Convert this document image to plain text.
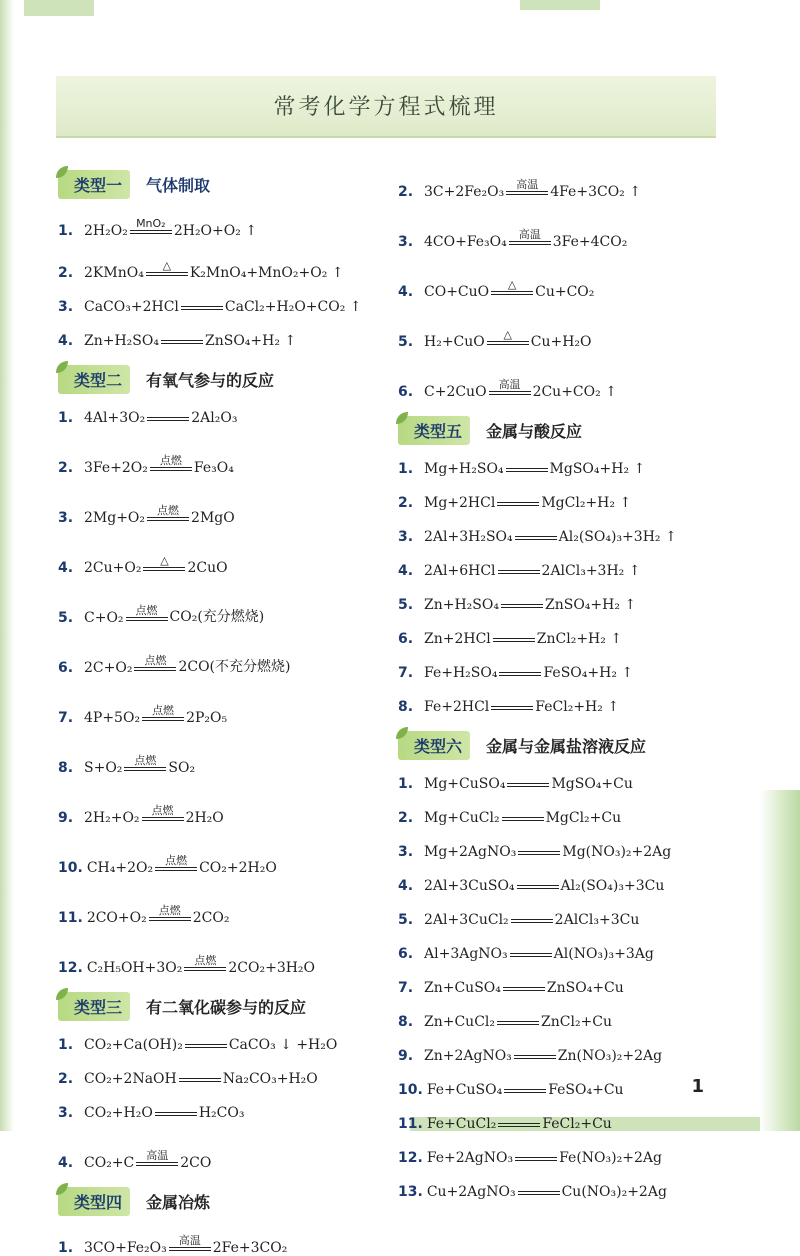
常考化学方程式梳理
类型一	气体制取
1. 2H₂O₂ MnO₂ 2H₂O+O₂ ↑
2. 2KMnO₄ △ K₂MnO₄+MnO₂+O₂ ↑
3. CaCO₃+2HCl	CaCl₂+H₂O+CO₂ ↑
4. Zn+H₂SO₄	ZnSO₄+H₂ ↑
类型二	有氧气参与的反应
1. 4Al+3O₂	2Al₂O₃
2. 3Fe+2O₂ 点燃 Fe₃O₄
3. 2Mg+O₂ 点燃 2MgO
4. 2Cu+O₂ △ 2CuO
5. C+O₂ 点燃 CO₂(充分燃烧)
6. 2C+O₂ 点燃 2CO(不充分燃烧)
7. 4P+5O₂ 点燃 2P₂O₅
8. S+O₂ 点燃 SO₂
9. 2H₂+O₂ 点燃 2H₂O
10. CH₄+2O₂ 点燃 CO₂+2H₂O
11. 2CO+O₂ 点燃 2CO₂
12. C₂H₅OH+3O₂ 点燃 2CO₂+3H₂O
类型三	有二氧化碳参与的反应
1. CO₂+Ca(OH)₂	CaCO₃ ↓ +H₂O
2. CO₂+2NaOH	Na₂CO₃+H₂O
3. CO₂+H₂O	H₂CO₃
4. CO₂+C 高温 2CO
类型四	金属冶炼
1. 3CO+Fe₂O₃ 高温 2Fe+3CO₂
2. 3C+2Fe₂O₃ 高温 4Fe+3CO₂ ↑
3. 4CO+Fe₃O₄ 高温 3Fe+4CO₂
4. CO+CuO △ Cu+CO₂
5. H₂+CuO △ Cu+H₂O
6. C+2CuO 高温 2Cu+CO₂ ↑
类型五	金属与酸反应
1. Mg+H₂SO₄	MgSO₄+H₂ ↑
2. Mg+2HCl	MgCl₂+H₂ ↑
3. 2Al+3H₂SO₄	Al₂(SO₄)₃+3H₂ ↑
4. 2Al+6HCl	2AlCl₃+3H₂ ↑
5. Zn+H₂SO₄	ZnSO₄+H₂ ↑
6. Zn+2HCl	ZnCl₂+H₂ ↑
7. Fe+H₂SO₄	FeSO₄+H₂ ↑
8. Fe+2HCl	FeCl₂+H₂ ↑
类型六	金属与金属盐溶液反应
1. Mg+CuSO₄	MgSO₄+Cu
2. Mg+CuCl₂	MgCl₂+Cu
3. Mg+2AgNO₃	Mg(NO₃)₂+2Ag
4. 2Al+3CuSO₄	Al₂(SO₄)₃+3Cu
5. 2Al+3CuCl₂	2AlCl₃+3Cu
6. Al+3AgNO₃	Al(NO₃)₃+3Ag
7. Zn+CuSO₄	ZnSO₄+Cu
8. Zn+CuCl₂	ZnCl₂+Cu
9. Zn+2AgNO₃	Zn(NO₃)₂+2Ag
10. Fe+CuSO₄	FeSO₄+Cu
11. Fe+CuCl₂	FeCl₂+Cu
12. Fe+2AgNO₃	Fe(NO₃)₂+2Ag
13. Cu+2AgNO₃	Cu(NO₃)₂+2Ag
1
